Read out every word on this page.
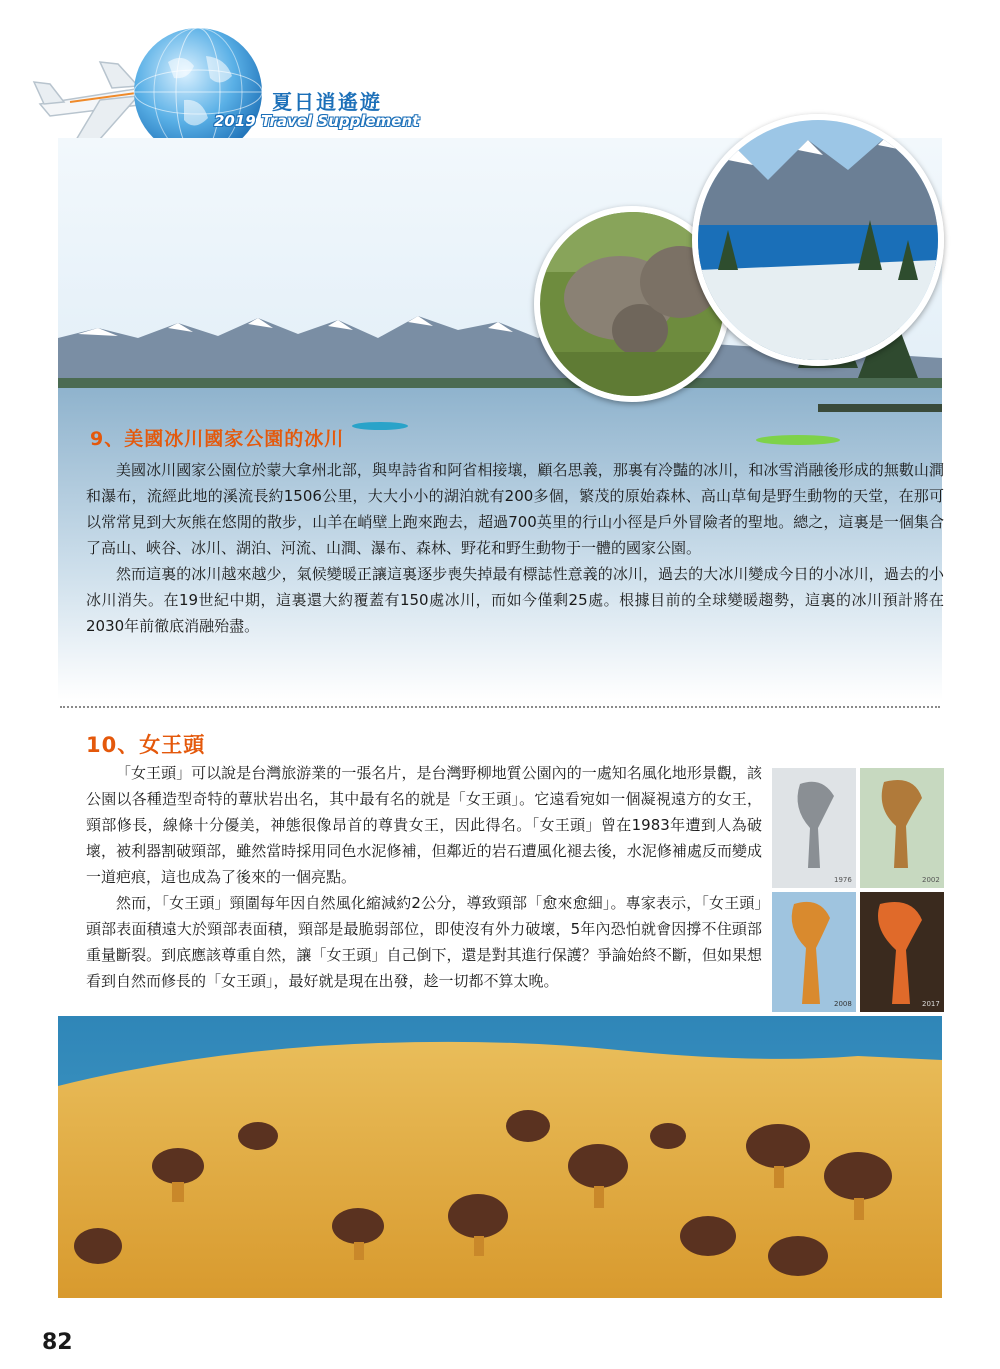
夏日逍遙遊
2019 Travel Supplement
9、美國冰川國家公園的冰川

美國冰川國家公園位於蒙大拿州北部，與卑詩省和阿省相接壤，顧名思義，那裏有冷豔的冰川，和冰雪消融後形成的無數山澗和瀑布，流經此地的溪流長約1506公里，大大小小的湖泊就有200多個，繁茂的原始森林、高山草甸是野生動物的天堂，在那可以常常見到大灰熊在悠閒的散步，山羊在峭壁上跑來跑去，超過700英里的行山小徑是戶外冒險者的聖地。總之，這裏是一個集合了高山、峽谷、冰川、湖泊、河流、山澗、瀑布、森林、野花和野生動物于一體的國家公園。

然而這裏的冰川越來越少，氣候變暖正讓這裏逐步喪失掉最有標誌性意義的冰川，過去的大冰川變成今日的小冰川，過去的小冰川消失。在19世紀中期，這裏還大約覆蓋有150處冰川，而如今僅剩25處。根據目前的全球變暖趨勢，這裏的冰川預計將在2030年前徹底消融殆盡。

10、女王頭

「女王頭」可以說是台灣旅游業的一張名片，是台灣野柳地質公園內的一處知名風化地形景觀，該公園以各種造型奇特的蕈狀岩出名，其中最有名的就是「女王頭」。它遠看宛如一個凝視遠方的女王，頸部修長，線條十分優美，神態很像昂首的尊貴女王，因此得名。「女王頭」曾在1983年遭到人為破壞，被利器割破頸部，雖然當時採用同色水泥修補，但鄰近的岩石遭風化褪去後，水泥修補處反而變成一道疤痕，這也成為了後來的一個亮點。

然而，「女王頭」頸圍每年因自然風化縮減約2公分，導致頸部「愈來愈細」。專家表示，「女王頭」頭部表面積遠大於頸部表面積，頸部是最脆弱部位，即使沒有外力破壞，5年內恐怕就會因撐不住頭部重量斷裂。到底應該尊重自然，讓「女王頭」自己倒下，還是對其進行保護？爭論始終不斷，但如果想看到自然而修長的「女王頭」，最好就是現在出發，趁一切都不算太晚。

1976	2002
2008	2017
82
